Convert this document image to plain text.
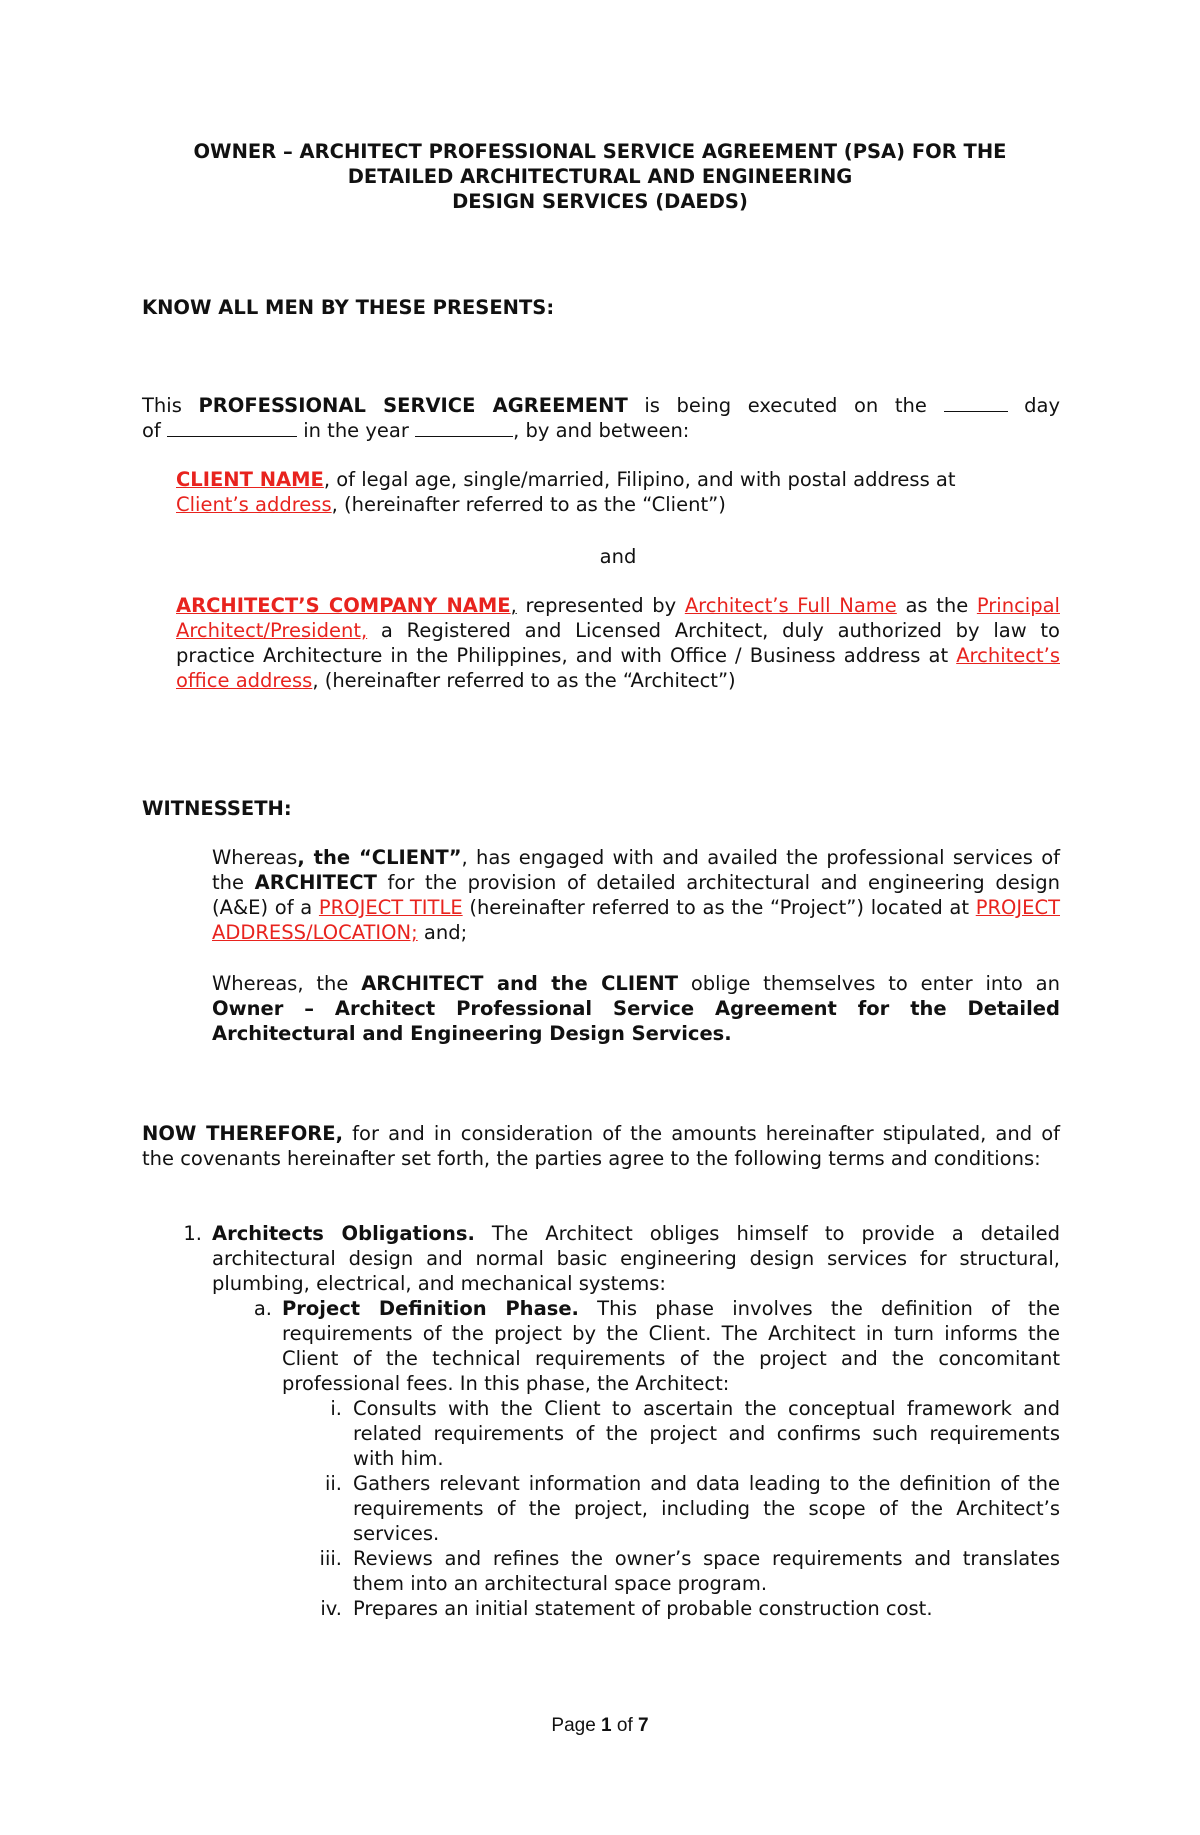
OWNER – ARCHITECT PROFESSIONAL SERVICE AGREEMENT (PSA) FOR THE
DETAILED ARCHITECTURAL AND ENGINEERING
DESIGN SERVICES (DAEDS)
KNOW ALL MEN BY THESE PRESENTS:
This PROFESSIONAL SERVICE AGREEMENT is being executed on the	day
of	in the year	, by and between:
CLIENT NAME, of legal age, single/married, Filipino, and with postal address at
Client’s address, (hereinafter referred to as the “Client”)
and
ARCHITECT’S COMPANY NAME, represented by Architect’s Full Name as the Principal Architect/President, a Registered and Licensed Architect, duly authorized by law to practice Architecture in the Philippines, and with Office / Business address at Architect’s office address, (hereinafter referred to as the “Architect”)
WITNESSETH:
Whereas, the “CLIENT”, has engaged with and availed the professional services of the ARCHITECT for the provision of detailed architectural and engineering design (A&E) of a PROJECT TITLE (hereinafter referred to as the “Project”) located at PROJECT ADDRESS/LOCATION; and;
Whereas, the ARCHITECT and the CLIENT oblige themselves to enter into an Owner – Architect Professional Service Agreement for the Detailed Architectural and Engineering Design Services.
NOW THEREFORE, for and in consideration of the amounts hereinafter stipulated, and of the covenants hereinafter set forth, the parties agree to the following terms and conditions:
1. Architects Obligations. The Architect obliges himself to provide a detailed architectural design and normal basic engineering design services for structural, plumbing, electrical, and mechanical systems:
a. Project Definition Phase. This phase involves the definition of the requirements of the project by the Client. The Architect in turn informs the Client of the technical requirements of the project and the concomitant professional fees. In this phase, the Architect:
i. Consults with the Client to ascertain the conceptual framework and related requirements of the project and confirms such requirements with him.
ii. Gathers relevant information and data leading to the definition of the requirements of the project, including the scope of the Architect’s services.
iii. Reviews and refines the owner’s space requirements and translates them into an architectural space program.
iv. Prepares an initial statement of probable construction cost.
Page 1 of 7
